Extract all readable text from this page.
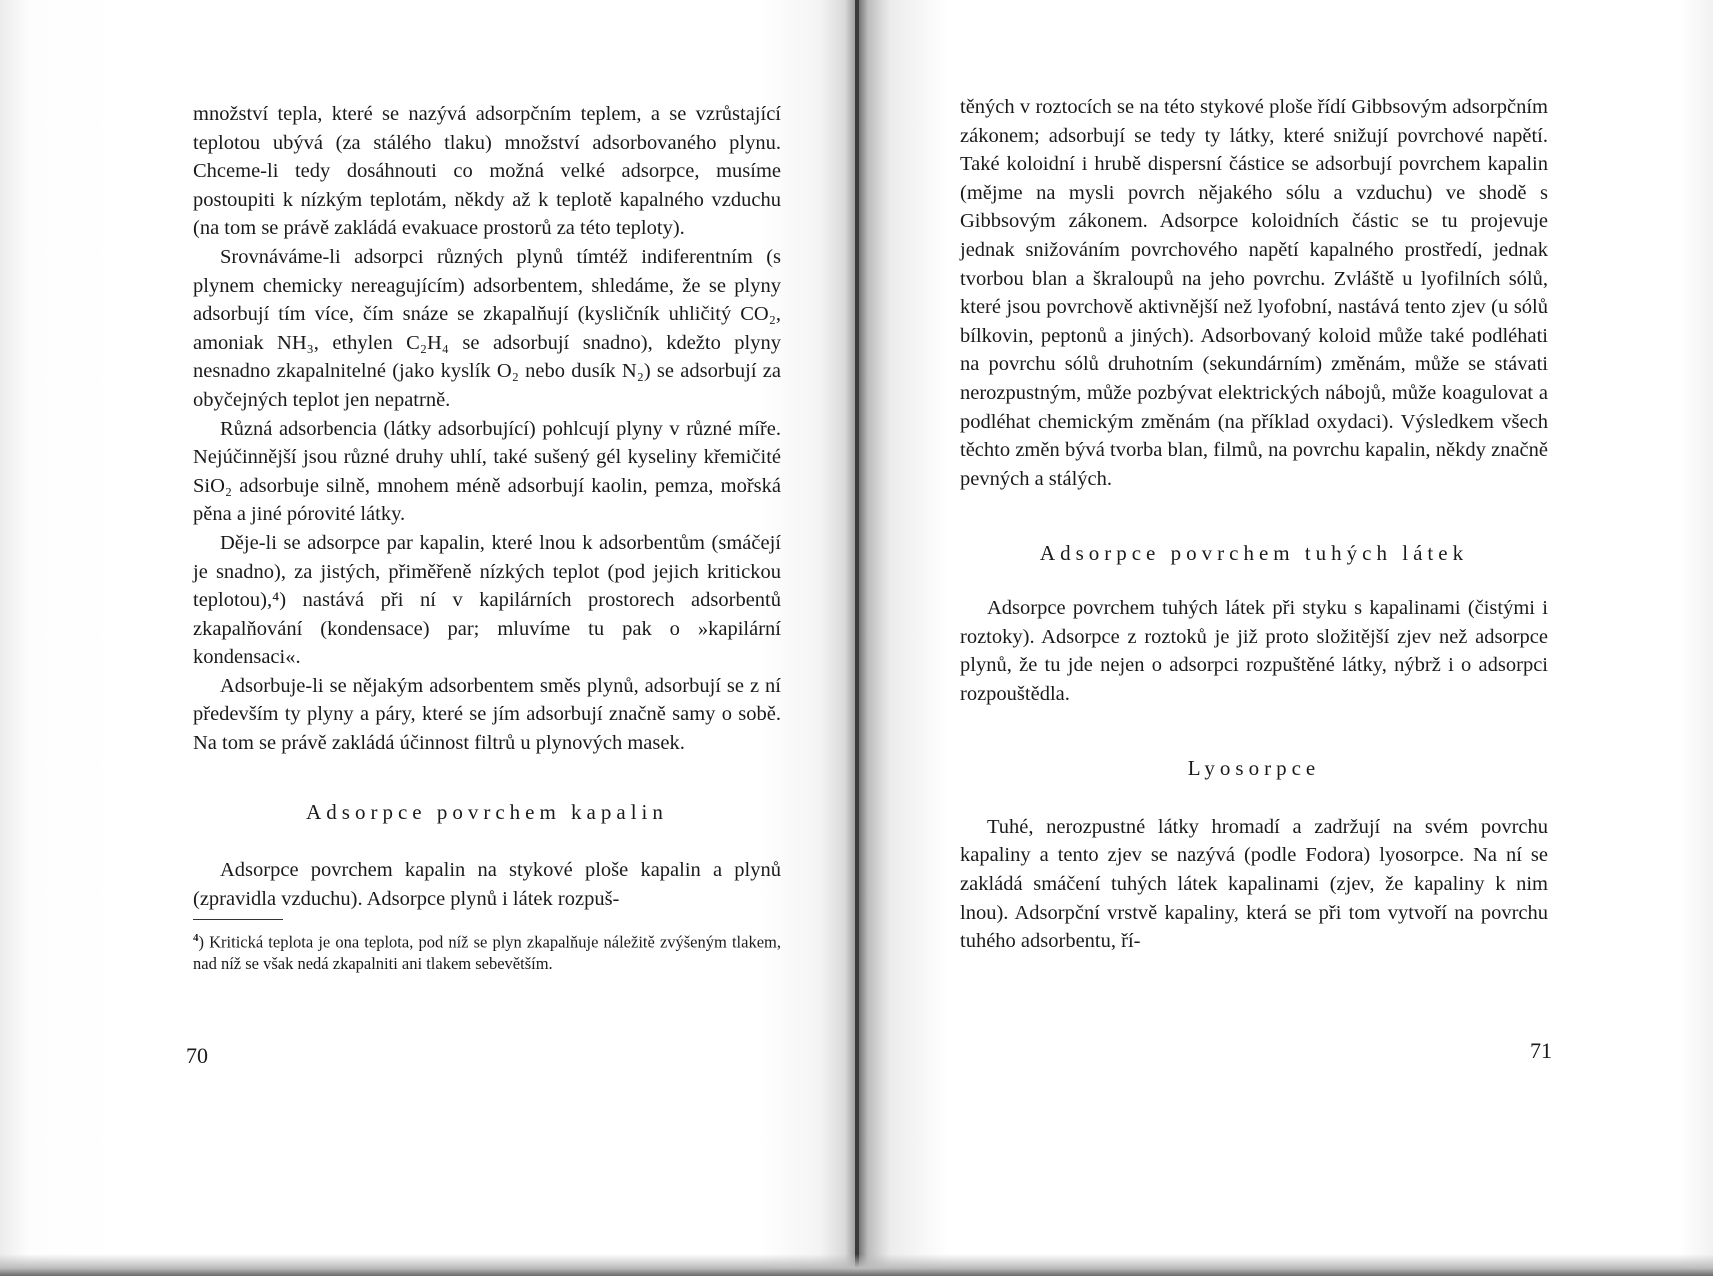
množství tepla, které se nazývá adsorpčním teplem, a se vzrůstající teplotou ubývá (za stálého tlaku) množství adsorbovaného plynu. Chceme-li tedy dosáhnouti co možná velké adsorpce, musíme postoupiti k nízkým teplotám, někdy až k teplotě kapalného vzduchu (na tom se právě zakládá evakuace prostorů za této teploty).

Srovnáváme-li adsorpci různých plynů tímtéž indiferentním (s plynem chemicky nereagujícím) adsorbentem, shledáme, že se plyny adsorbují tím více, čím snáze se zkapalňují (kysličník uhličitý CO₂, amoniak NH₃, ethylen C₂H₄ se adsorbují snadno), kdežto plyny nesnadno zkapalnitelné (jako kyslík O₂ nebo dusík N₂) se adsorbují za obyčejných teplot jen nepatrně.

Různá adsorbencia (látky adsorbující) pohlcují plyny v různé míře. Nejúčinnější jsou různé druhy uhlí, také sušený gél kyseliny křemičité SiO₂ adsorbuje silně, mnohem méně adsorbují kaolin, pemza, mořská pěna a jiné pórovité látky.

Děje-li se adsorpce par kapalin, které lnou k adsorbentům (smáčejí je snadno), za jistých, přiměřeně nízkých teplot (pod jejich kritickou teplotou),⁴) nastává při ní v kapilárních prostorech adsorbentů zkapalňování (kondensace) par; mluvíme tu pak o »kapilární kondensaci«.

Adsorbuje-li se nějakým adsorbentem směs plynů, adsorbují se z ní především ty plyny a páry, které se jím adsorbují značně samy o sobě. Na tom se právě zakládá účinnost filtrů u plynových masek.

Adsorpce povrchem kapalin

Adsorpce povrchem kapalin na stykové ploše kapalin a plynů (zpravidla vzduchu). Adsorpce plynů i látek rozpuš-

$^4$) Kritická teplota je ona teplota, pod níž se plyn zkapalňuje náležitě zvýšeným tlakem, nad níž se však nedá zkapalniti ani tlakem sebevětším.

70

těných v roztocích se na této stykové ploše řídí Gibbsovým adsorpčním zákonem; adsorbují se tedy ty látky, které snižují povrchové napětí. Také koloidní i hrubě dispersní částice se adsorbují povrchem kapalin (mějme na mysli povrch nějakého sólu a vzduchu) ve shodě s Gibbsovým zákonem. Adsorpce koloidních částic se tu projevuje jednak snižováním povrchového napětí kapalného prostředí, jednak tvorbou blan a škraloupů na jeho povrchu. Zvláště u lyofilních sólů, které jsou povrchově aktivnější než lyofobní, nastává tento zjev (u sólů bílkovin, peptonů a jiných). Adsorbovaný koloid může také podléhati na povrchu sólů druhotním (sekundárním) změnám, může se stávati nerozpustným, může pozbývat elektrických nábojů, může koagulovat a podléhat chemickým změnám (na příklad oxydaci). Výsledkem všech těchto změn bývá tvorba blan, filmů, na povrchu kapalin, někdy značně pevných a stálých.

Adsorpce povrchem tuhých látek

Adsorpce povrchem tuhých látek při styku s kapalinami (čistými i roztoky). Adsorpce z roztoků je již proto složitější zjev než adsorpce plynů, že tu jde nejen o adsorpci rozpuštěné látky, nýbrž i o adsorpci rozpouštědla.

Lyosorpce

Tuhé, nerozpustné látky hromadí a zadržují na svém povrchu kapaliny a tento zjev se nazývá (podle Fodora) lyosorpce. Na ní se zakládá smáčení tuhých látek kapalinami (zjev, že kapaliny k nim lnou). Adsorpční vrstvě kapaliny, která se při tom vytvoří na povrchu tuhého adsorbentu, ří-

71
